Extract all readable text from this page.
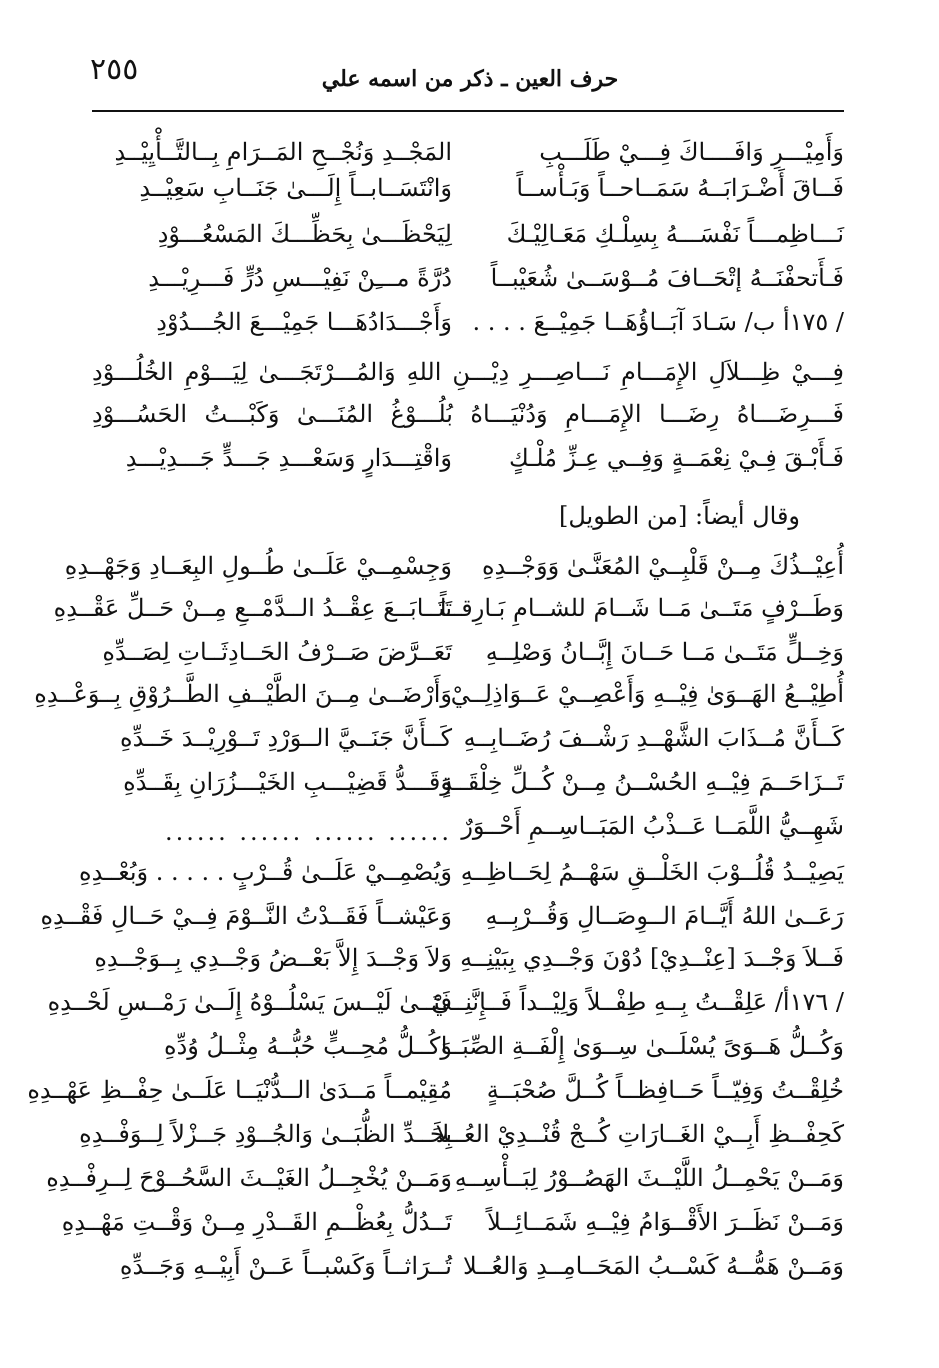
٢٥٥	حرف العين ـ ذكر من اسمه علي
وَأَمِيْـــرِ وَافَــــاكَ فِـــيْ طَلَـــبِ
المَجْــدِ وَنُجْــحِ المَــرَامِ بِــالتَّــأْيِيْــدِ
فَــاقَ أَضْـرَابَــهُ سَمَــاحــاً وَبَـأْســاً
وَانْتَسَــابــاً إِلَـــىٰ جَنَــابِ سَعِيْــدِ
نَـــاظِمـــاً نَفْسَـــهُ بِسِلْـكِ مَعَـالِيْـكَ
لِيَحْظَـــىٰ بِحَظِّـــكَ المَسْعُـــوْدِ
فَـأَتحفْنَــهُ إتْحَــافَ مُــوْسَــىٰ شُعَيْبــاً
دُرَّةً مـــِنْ نَفِيْـــسِ دُرٍّ فَـــرِيْـــدِ
/ ١٧٥أ ب/ سَـادَ آبَــاؤُهَــا جَمِيْــعَ . . . .
وَأَجْـــدَادُهَـــا جَمِيْـــعَ الجُـــدُوْدِ
فِـــيْ ظِـــلاَلِ الإِمَـــامِ نَـــاصِـــرِ دِيْـــنِ اللهِ وَالمُـــرْتَجَـــىٰ لِيَـــوْمِ الخُلُـــوْدِ
فَـــرِضَـــاهُ رِضَـــا الإِمَـــامِ وَدُنْيَـــاهُ بُلُـــوْغُ المُنَـــىٰ وَكَبْـــتُ الحَسُـــوْدِ
فَـأَبْـقَ فِـيْ نِعْمَــةٍ وَفِــي عِـزِّ مُلْـكٍ
وَاقْتِـــدَارٍ وَسَعْـــدِ جَـــدٍّ جَـــدِيْـــدِ
وقال أيضاً: [من الطويل]
أُعِيْــذُكَ مِــنْ قَلْبِــيْ المُعَنَّـىٰ وَوَجْــدِهِ
وَجِسْمِــيْ عَلَــىٰ طُــولِ البِعَــادِ وَجَهْــدِهِ
وَطَــرْفٍ مَتَــىٰ مَــا شَــامَ للشــامِ بَـارِقــاً
تَتَــابَــعَ عِقْــدُ الــدَّمْــعِ مِــنْ حَــلِّ عَقْــدِهِ
وَخِــلٍّ مَتَــىٰ مَــا حَــانَ إِبَّــانُ وَصْلِــهِ
تَعَــرَّضَ صَــرْفُ الحَــادِثَــاتِ لِصَــدِّهِ
أُطِيْــعُ الهَــوَىٰ فِيْــهِ وَأَعْصِــيْ عَــوَاذِلِــيْ
وَأَرْضَــىٰ مِــنَ الطَّيْــفِ الطَّــرُوْقِ بِــوَعْــدِهِ
كَــأَنَّ مُــذَابَ الشَّهْــدِ رَشْــفَ رُضَــابِــهِ
كَــأَنَّ جَنَــيَّ الــوَرْدِ تَــوْرِيْــدَ خَــدِّهِ
تَــزَاحَــمَ فِيْــهِ الحُسْــنُ مِــنْ كُــلِّ خِلْقَــةٍ
وَقَـــدُّ قَضِيْـــبِ الخَيْـــزُرَانِ بِقَــدِّهِ
شَهِــيُّ اللَّمَــا عَــذْبُ المَبَــاسِــمِ أَحْــوَرٌ
...... ...... ...... ......
يَصِيْــدُ قُلُــوْبَ الخَلْــقِ سَهْــمُ لِحَــاظِــهِ
وَيُصْمِــيْ عَلَــىٰ قُــرْبٍ . . . . . وَبُعْــدِهِ
رَعَــىٰ اللهُ أَيَّــامَ الــوِصَــالِ وَقُــرْبِــهِ
وَعَيْشــاً فَقَــدْتُ النَّــوْمَ فِــيْ حَــالِ فَقْــدِهِ
فَــلاَ وَجْــدَ [عِنْــدِيْ] دُوْنَ وَجْــدِي بِبَيْنِــهِ
وَلاَ وَجْــدَ إِلاَّ بَعْــضُ وَجْــدِي بِــوَجْــدِهِ
/ ١٧٦أ/ عَلِقْــتُ بِــهِ طِفْــلاً وَلِيْــداً فَــإِنَّنِــيْ
فَتَــىٰ لَيْــسَ يَسْلُــوْهُ إِلَــىٰ رَمْــسِ لَحْــدِهِ
وَكُــلُّ هَــوَىً يُسْلَــىٰ سِــوَىٰ إِلْفَــةِ الصِّبَــا
وَكُــلُّ مُحِــبٍّ حُبُّــهُ مِثْــلُ وُدِّهِ
خُلِقْــتُ وَفِيّــاً حَــافِظــاً كُــلَّ صُحْبَــةٍ
مُقِيْمــاً مَــدَىٰ الــدُّنْيَــا عَلَــىٰ حِفْــظِ عَهْــدِهِ
كَحِفْــظِ أَبِــيْ الغَــارَاتِ كُــجْ قُنْــدِيْ العُــلاَ
بِحَــدِّ الظُّبَــىٰ وَالجُــوْدِ جَــزْلاً لِــوَفْــدِهِ
وَمَــنْ يَحْمِــلُ اللَّيْــثَ الهَصُــوْرُ لِبَــأْسِــهِ
وَمَــنْ يُخْجِــلُ الغَيْــثَ السَّحُــوْحَ لِــرِفْــدِهِ
وَمَــنْ نَظَــرَ الأَقْــوَامُ فِيْــهِ شَمَــائِــلاً
تَــدُلُّ بِعُظْــمِ القَــدْرِ مِــنْ وَقْــتِ مَهْــدِهِ
وَمَــنْ هَمُّــهُ كَسْــبُ المَحَــامِــدِ وَالعُــلا
تُــرَاثــاً وَكَسْبــاً عَــنْ أَبِيْــهِ وَجَــدِّهِ
